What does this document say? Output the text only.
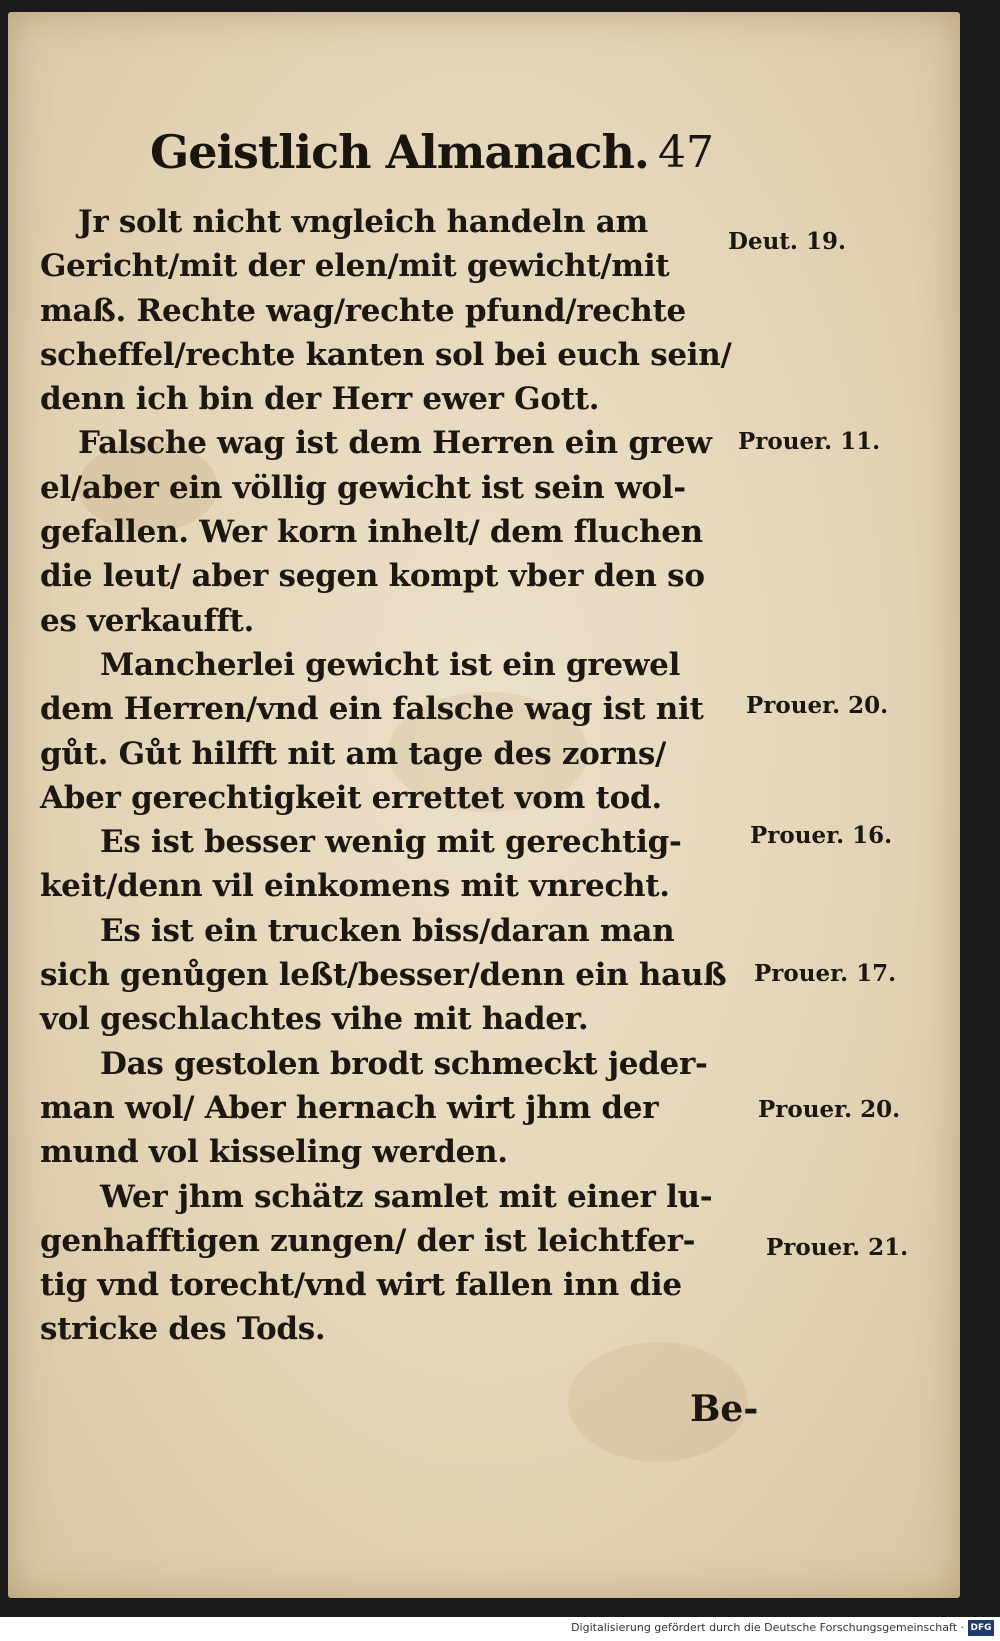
Geistlich Almanach. 47
Jr solt nicht vngleich handeln am
Gericht/mit der elen/mit gewicht/mit
maß. Rechte wag/rechte pfund/rechte
scheffel/rechte kanten sol bei euch sein/
denn ich bin der Herr ewer Gott.
Falsche wag ist dem Herren ein grew
el/aber ein völlig gewicht ist sein wol-
gefallen. Wer korn inhelt/ dem fluchen
die leut/ aber segen kompt vber den so
es verkaufft.
Mancherlei gewicht ist ein grewel
dem Herren/vnd ein falsche wag ist nit
gůt. Gůt hilfft nit am tage des zorns/
Aber gerechtigkeit errettet vom tod.
Es ist besser wenig mit gerechtig-
keit/denn vil einkomens mit vnrecht.
Es ist ein trucken biss/daran man
sich genůgen leßt/besser/denn ein hauß
vol geschlachtes vihe mit hader.
Das gestolen brodt schmeckt jeder-
man wol/ Aber hernach wirt jhm der
mund vol kisseling werden.
Wer jhm schätz samlet mit einer lu-
genhafftigen zungen/ der ist leichtfer-
tig vnd torecht/vnd wirt fallen inn die
stricke des Tods.
Deut. 19.
Prouer. 11.
Prouer. 20.
Prouer. 16.
Prouer. 17.
Prouer. 20.
Prouer. 21.
Be-
Digitalisierung gefördert durch die Deutsche Forschungsgemeinschaft · DFG
